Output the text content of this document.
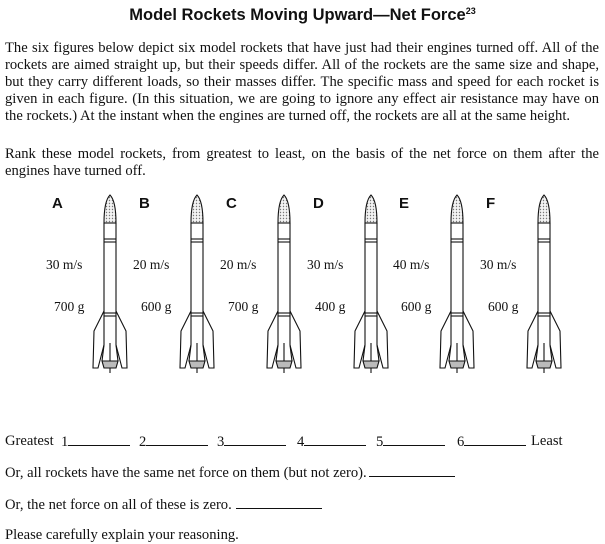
Model Rockets Moving Upward—Net Force$^{23}$

The six figures below depict six model rockets that have just had their engines turned off. All of the rockets are aimed straight up, but their speeds differ. All of the rockets are the same size and shape, but they carry different loads, so their masses differ. The specific mass and speed for each rocket is given in each figure. (In this situation, we are going to ignore any effect air resistance may have on the rockets.) At the instant when the engines are turned off, the rockets are all at the same height.

Rank these model rockets, from greatest to least, on the basis of the net force on them after the engines have turned off.

A
30 m/s
700 g
B
20 m/s
600 g
C
20 m/s
700 g
D
30 m/s
400 g
E
40 m/s
600 g
F
30 m/s
600 g
Greatest 1	2	3	4	5	6	Least
Or, all rockets have the same net force on them (but not zero).
Or, the net force on all of these is zero.
Please carefully explain your reasoning.
